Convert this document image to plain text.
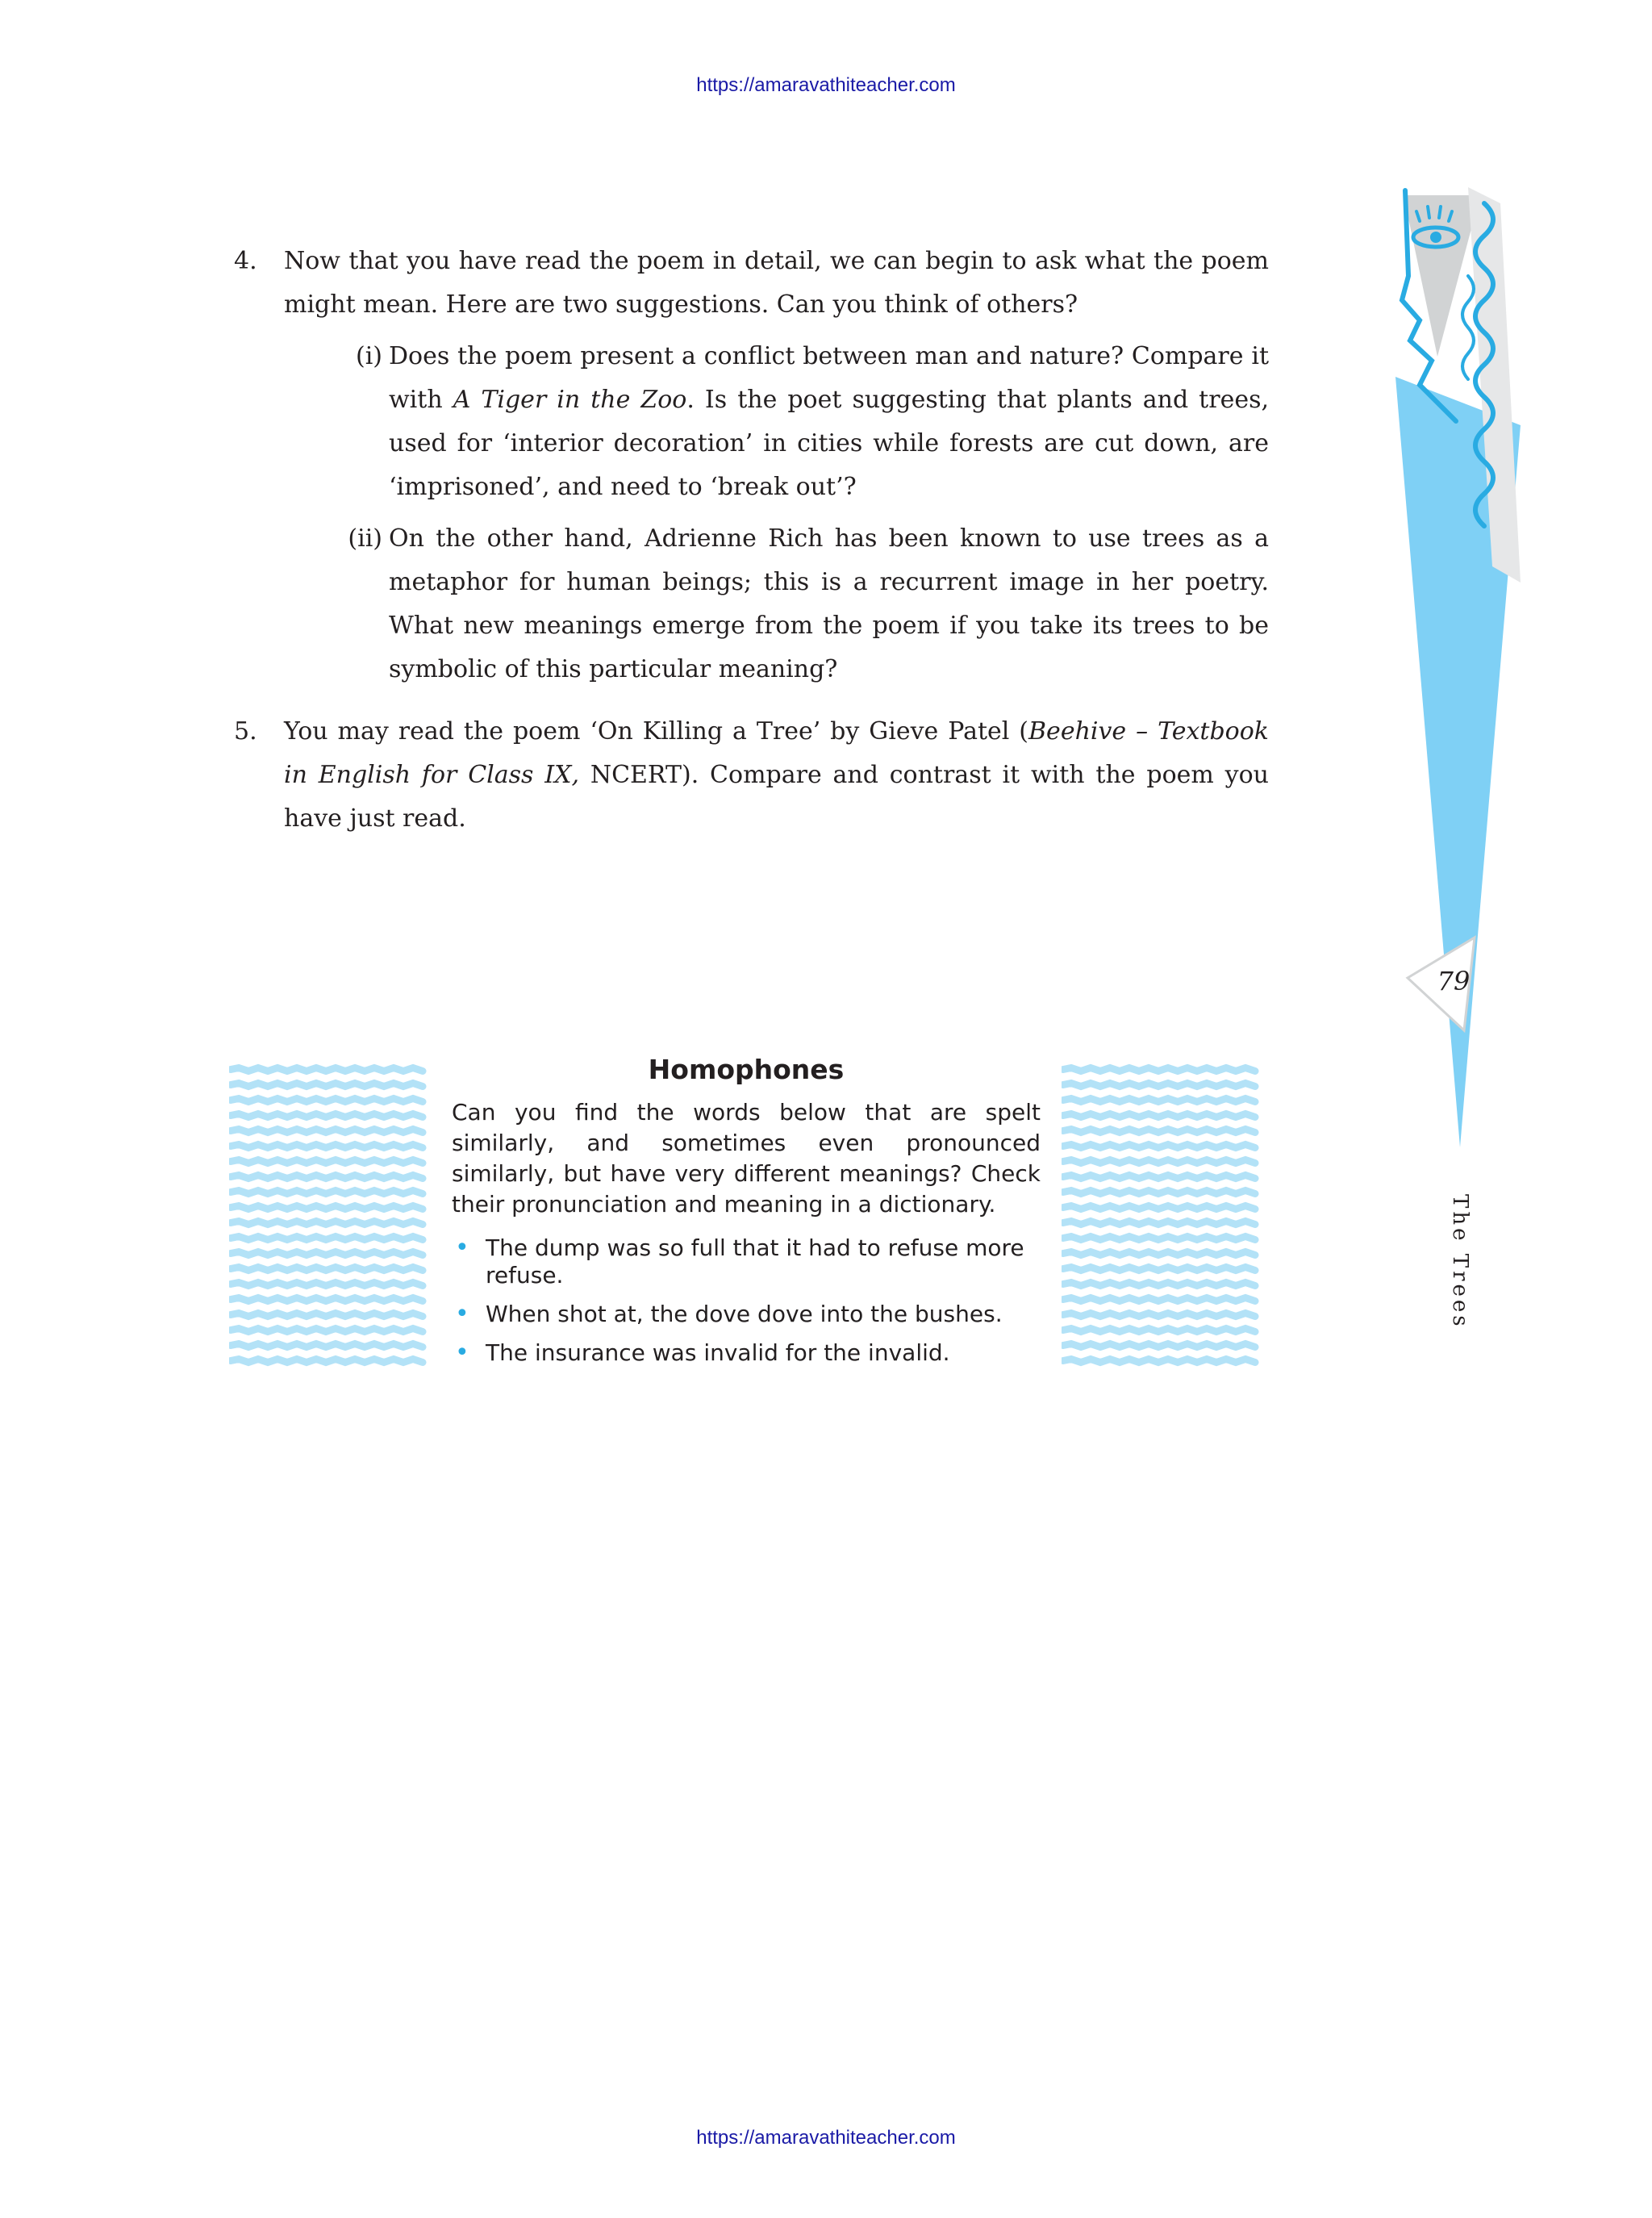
https://amaravathiteacher.com
4. Now that you have read the poem in detail, we can begin to ask what the poem might mean. Here are two suggestions. Can you think of others?
(i) Does the poem present a conflict between man and nature? Compare it with A Tiger in the Zoo. Is the poet suggesting that plants and trees, used for ‘interior decoration’ in cities while forests are cut down, are ‘imprisoned’, and need to ‘break out’?
(ii) On the other hand, Adrienne Rich has been known to use trees as a metaphor for human beings; this is a recurrent image in her poetry. What new meanings emerge from the poem if you take its trees to be symbolic of this particular meaning?
5. You may read the poem ‘On Killing a Tree’ by Gieve Patel (Beehive – Textbook in English for Class IX, NCERT). Compare and contrast it with the poem you have just read.
Homophones
Can you find the words below that are spelt similarly, and sometimes even pronounced similarly, but have very different meanings? Check their pronunciation and meaning in a dictionary.
• The dump was so full that it had to refuse more refuse.
• When shot at, the dove dove into the bushes.
• The insurance was invalid for the invalid.
79
The Trees
https://amaravathiteacher.com
